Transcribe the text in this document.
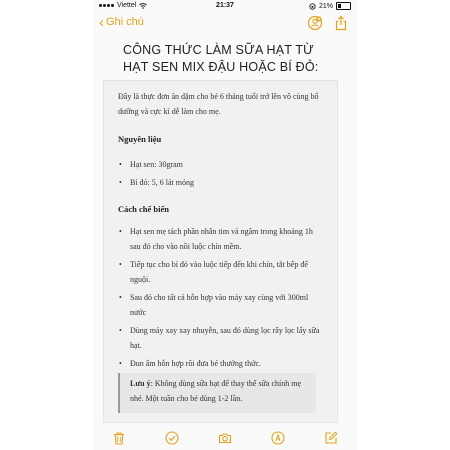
Viettel	21:37	21%
‹ Ghi chú
CÔNG THỨC LÀM SỮA HẠT TỪ HẠT SEN MIX ĐẬU HOẶC BÍ ĐỎ:
Đây là thực đơn ăn dặm cho bé 6 tháng tuổi trở lên vô cùng bổ dưỡng và cực kì dễ làm cho mẹ.
Nguyên liệu
• Hạt sen: 30gram
• Bí đỏ: 5, 6 lát mỏng
Cách chế biến
• Hạt sen mẹ tách phần nhân tim và ngâm trong khoảng 1h sau đó cho vào nồi luộc chín mềm.
• Tiếp tục cho bí đỏ vào luộc tiếp đến khi chín, tắt bếp để nguội.
• Sau đó cho tất cả hỗn hợp vào máy xay cùng với 300ml nước
• Dùng máy xay xay nhuyễn, sau đó dùng lọc rây lọc lấy sữa hạt.
• Đun ấm hỗn hợp rồi đưa bé thưởng thức.
Lưu ý: Không dùng sữa hạt để thay thế sữa chính mẹ nhé. Một tuần cho bé dùng 1-2 lần.
